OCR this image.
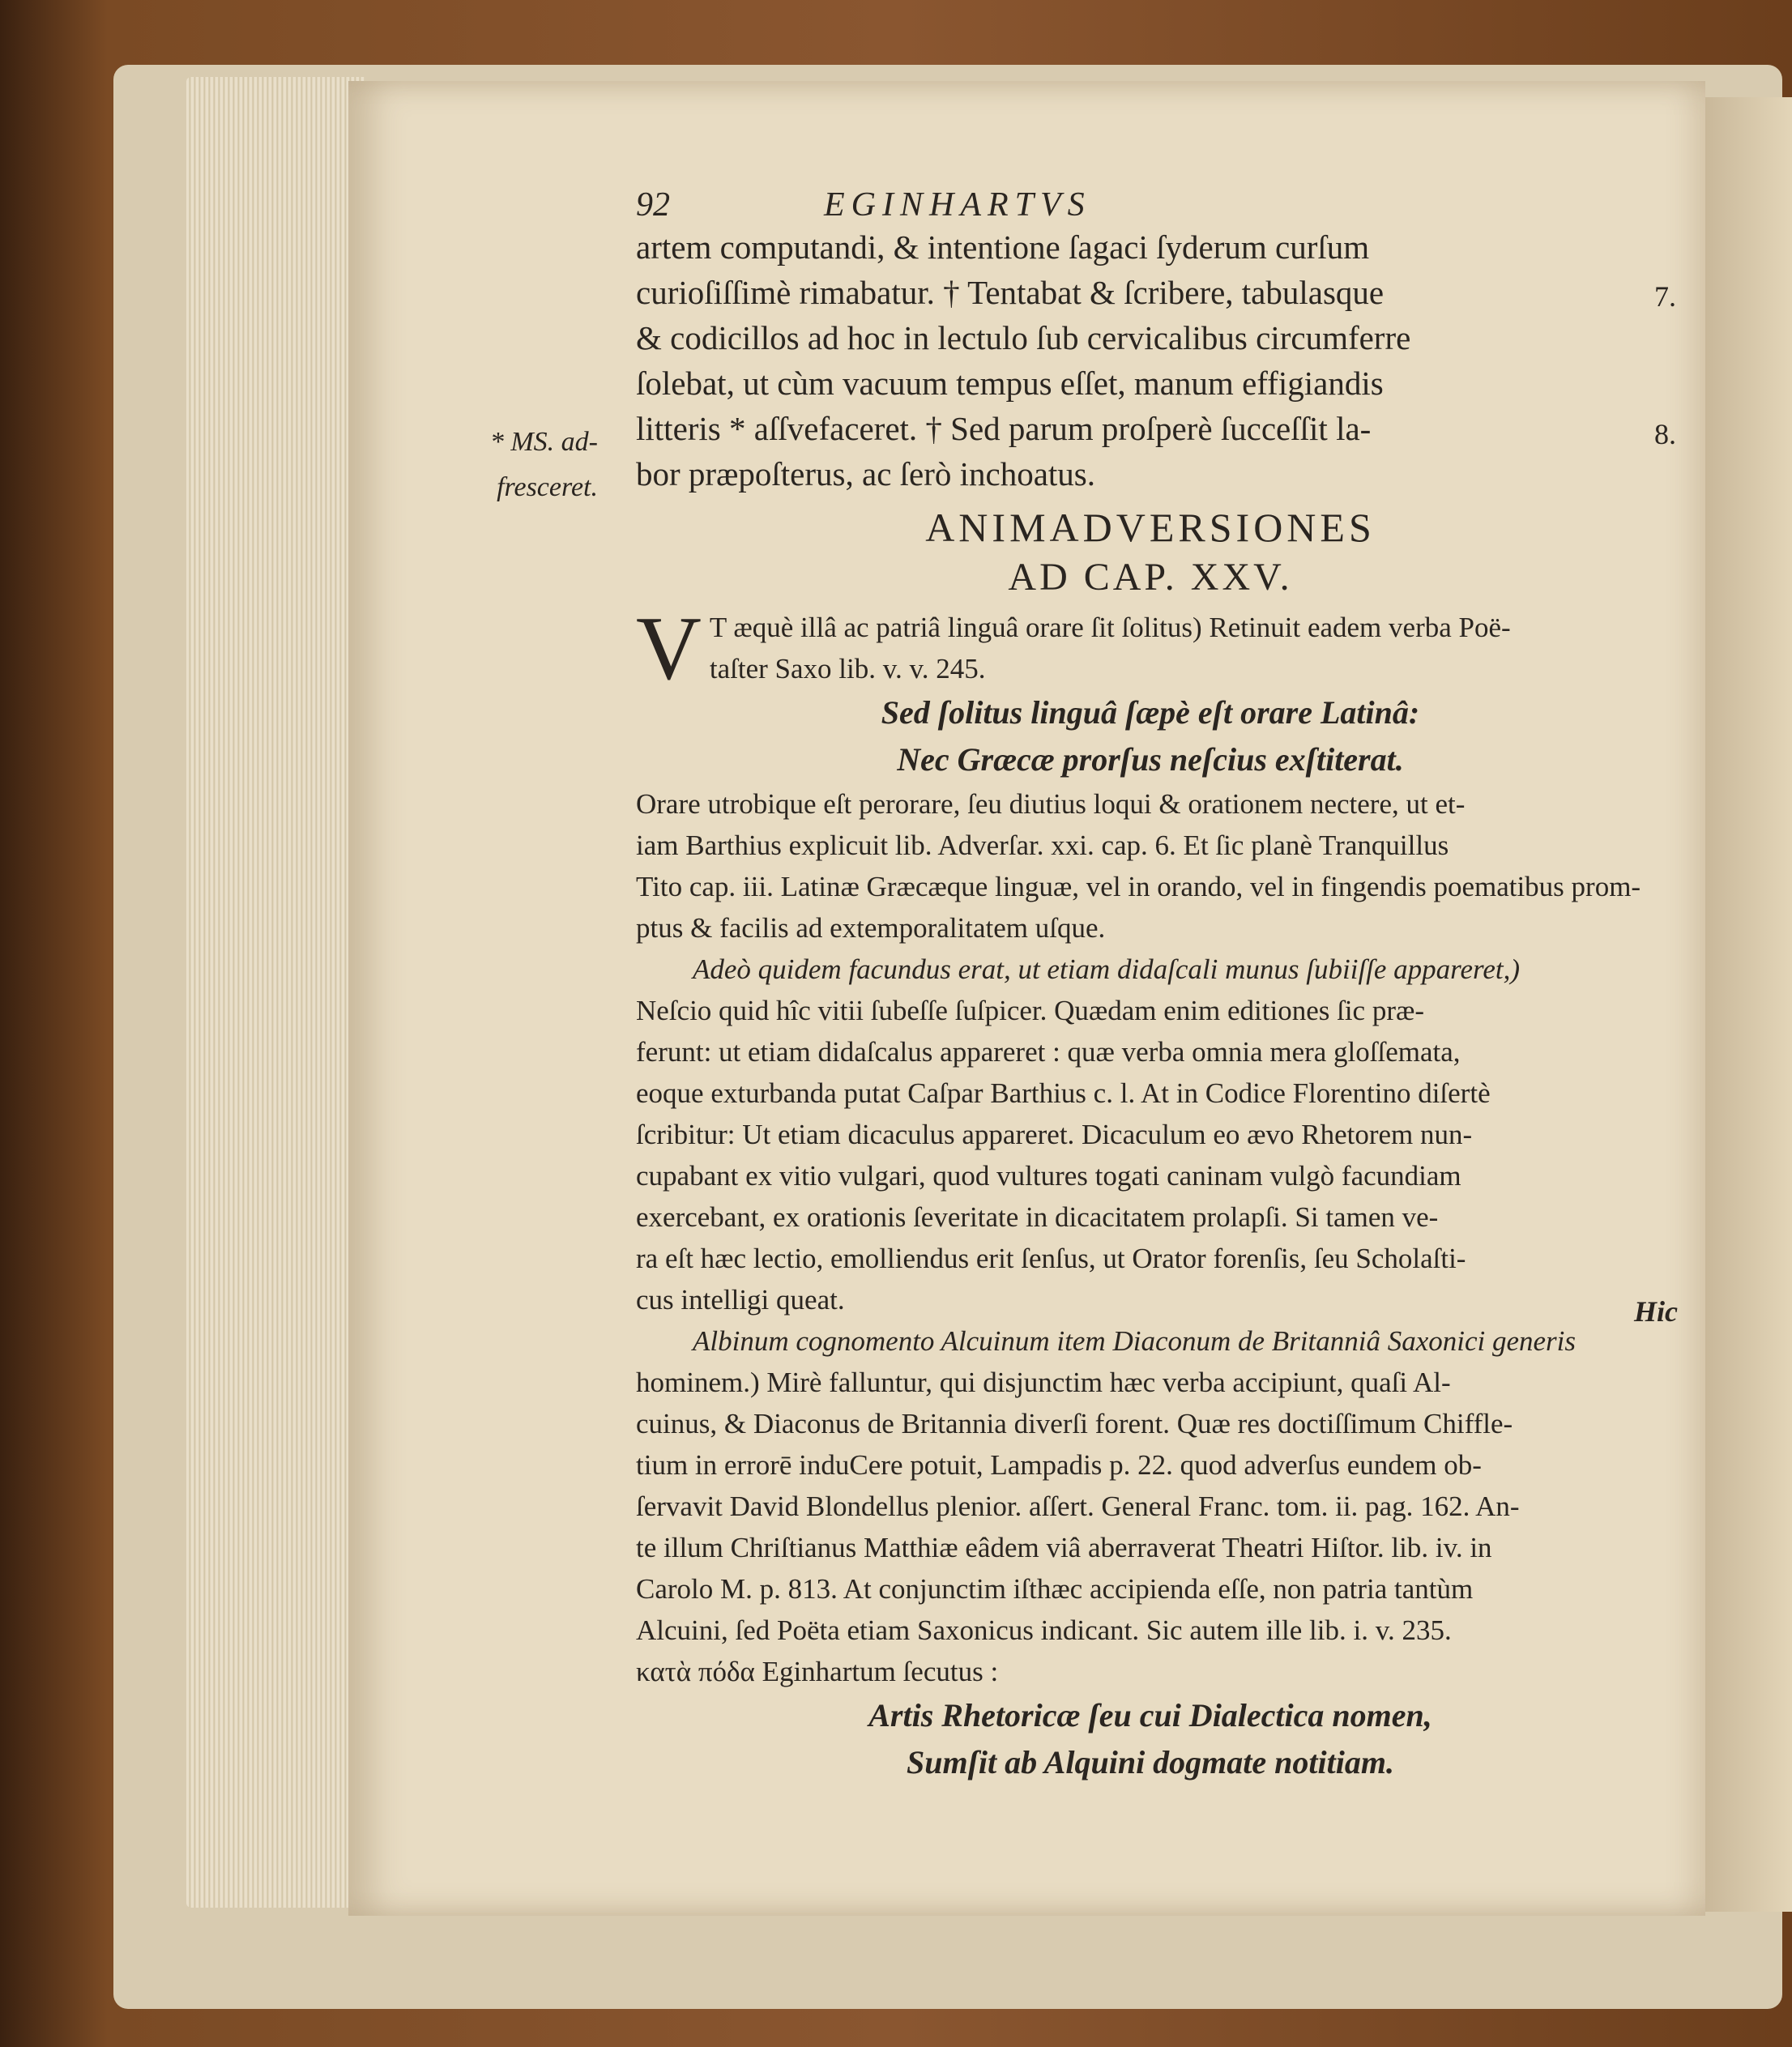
* MS. ad-
fresceret.
7.
8.
92	EGINHARTVS
artem computandi, & intentione ſagaci ſyderum curſum
curioſiſſimè rimabatur. † Tentabat & ſcribere, tabulasque
& codicillos ad hoc in lectulo ſub cervicalibus circumferre
ſolebat, ut cùm vacuum tempus eſſet, manum effigiandis
litteris * aſſvefaceret. † Sed parum proſperè ſucceſſit la-
bor præpoſterus, ac ſerò inchoatus.
ANIMADVERSIONES
AD CAP. XXV.
V T æquè illâ ac patriâ linguâ orare ſit ſolitus) Retinuit eadem verba Poë-
taſter Saxo lib. v. v. 245.
Sed ſolitus linguâ ſæpè eſt orare Latinâ:
Nec Græcæ prorſus neſcius exſtiterat.
Orare utrobique eſt perorare, ſeu diutius loqui & orationem nectere, ut et-
iam Barthius explicuit lib. Adverſar. xxi. cap. 6. Et ſic planè Tranquillus
Tito cap. iii. Latinæ Græcæque linguæ, vel in orando, vel in fingendis poematibus prom-
ptus & facilis ad extemporalitatem uſque.
Adeò quidem facundus erat, ut etiam didaſcali munus ſubiiſſe appareret,)
Neſcio quid hîc vitii ſubeſſe ſuſpicer. Quædam enim editiones ſic præ-
ferunt: ut etiam didaſcalus appareret : quæ verba omnia mera gloſſemata,
eoque exturbanda putat Caſpar Barthius c. l. At in Codice Florentino diſertè
ſcribitur: Ut etiam dicaculus appareret. Dicaculum eo ævo Rhetorem nun-
cupabant ex vitio vulgari, quod vultures togati caninam vulgò facundiam
exercebant, ex orationis ſeveritate in dicacitatem prolapſi. Si tamen ve-
ra eſt hæc lectio, emolliendus erit ſenſus, ut Orator forenſis, ſeu Scholaſti-
cus intelligi queat.
Albinum cognomento Alcuinum item Diaconum de Britanniâ Saxonici generis
hominem.) Mirè falluntur, qui disjunctim hæc verba accipiunt, quaſi Al-
cuinus, & Diaconus de Britannia diverſi forent. Quæ res doctiſſimum Chiffle-
tium in errorē induCere potuit, Lampadis p. 22. quod adverſus eundem ob-
ſervavit David Blondellus plenior. aſſert. General Franc. tom. ii. pag. 162. An-
te illum Chriſtianus Matthiæ eâdem viâ aberraverat Theatri Hiſtor. lib. iv. in
Carolo M. p. 813. At conjunctim iſthæc accipienda eſſe, non patria tantùm
Alcuini, ſed Poëta etiam Saxonicus indicant. Sic autem ille lib. i. v. 235.
κατὰ πόδα Eginhartum ſecutus :
Artis Rhetoricæ ſeu cui Dialectica nomen,
Sumſit ab Alquini dogmate notitiam.
Hic
